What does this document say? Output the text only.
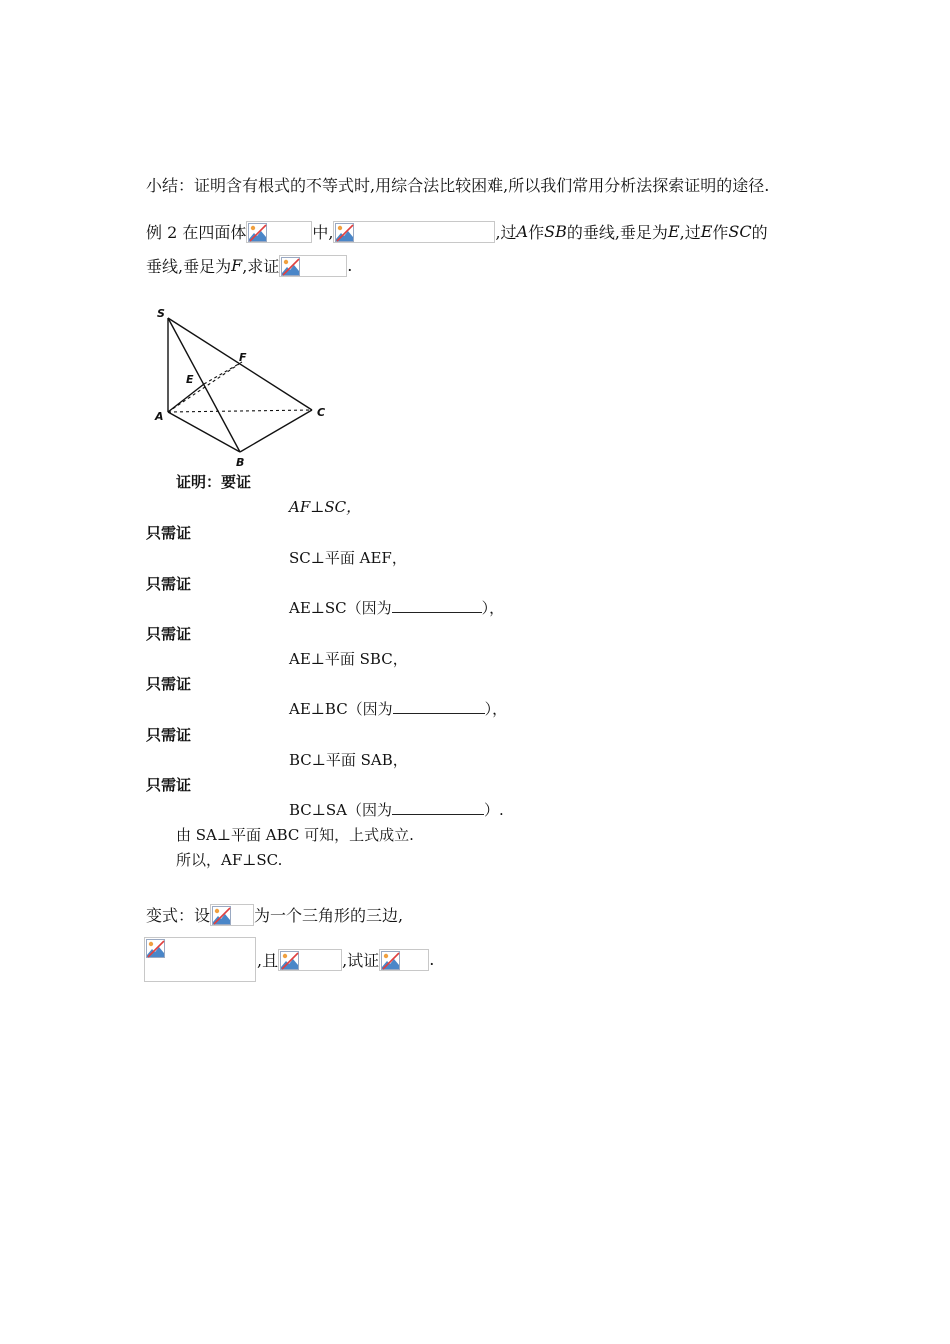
小结： 证明含有根式的不等式时,用综合法比较困难,所以我们常用分析法探索证明的途径.
例 2 在四面体	中,	,过 A 作 SB 的垂线,垂足为 E ,过 E 作 SC 的
垂线,垂足为 F ,求证	.
S
E
F
A
B
C
证明：要证
AF⊥SC，
只需证
SC⊥平面 AEF，
只需证
AE⊥SC（因为	），
只需证
AE⊥平面 SBC，
只需证
AE⊥BC（因为	），
只需证
BC⊥平面 SAB，
只需证
BC⊥SA（因为	）.
由 SA⊥平面 ABC 可知，上式成立.
所以，AF⊥SC.
变式：设	为一个三角形的三边,
,且	,试证	.
